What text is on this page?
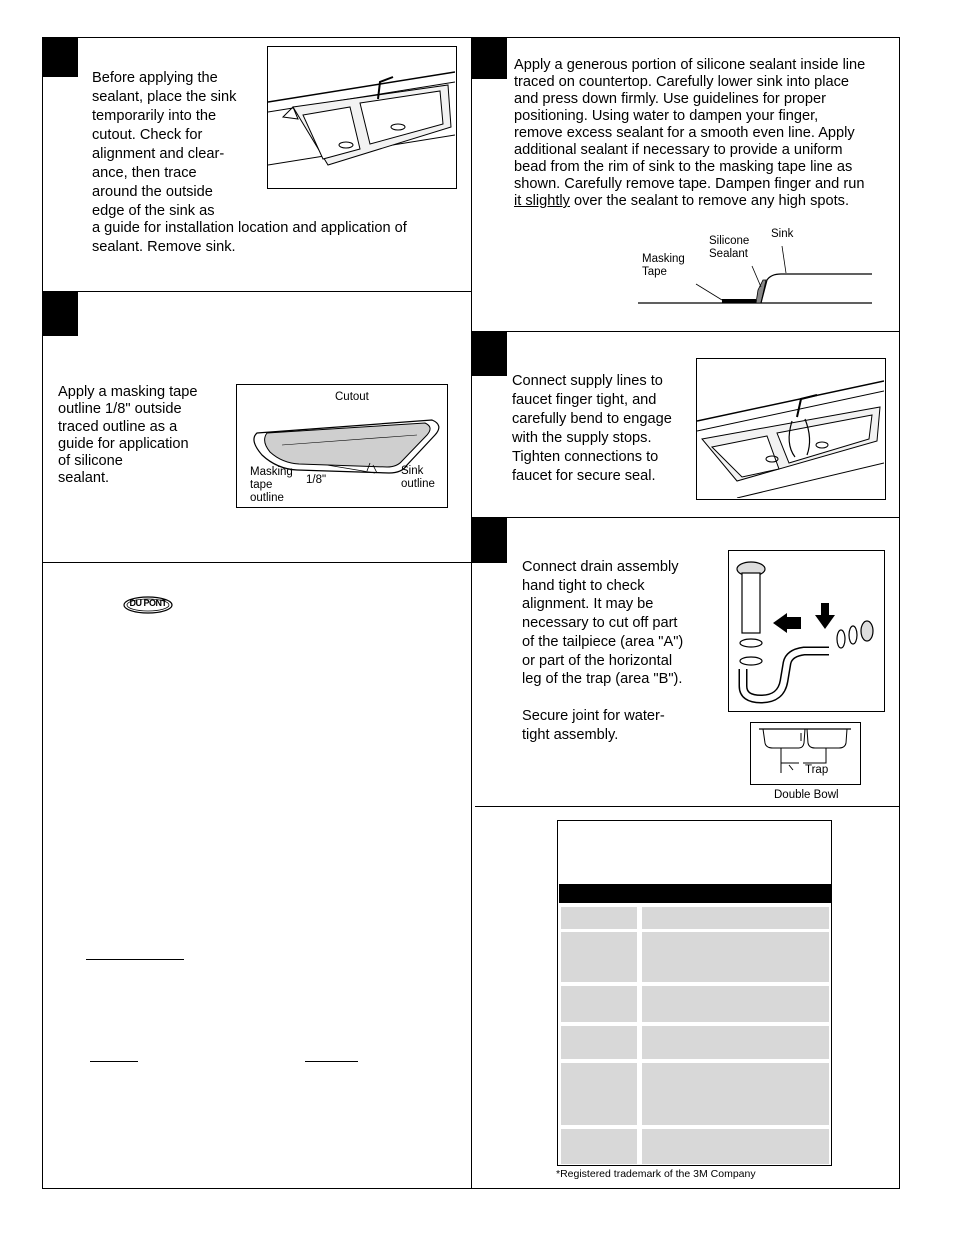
Before applying the
sealant, place the sink
temporarily into the
cutout. Check for
alignment and clear-
ance, then trace
around the outside
edge of the sink as
a guide for installation location and application of
sealant. Remove sink.
Apply a masking tape
outline 1/8" outside
traced outline as a
guide for application
of silicone
sealant.
Cutout
Masking
tape
outline
1/8"
Sink
outline
DU PONT
Apply a generous portion of silicone sealant inside line
traced on countertop. Carefully lower sink into place
and press down firmly. Use guidelines for proper
positioning. Using water to dampen your finger,
remove excess sealant for a smooth even line. Apply
additional sealant if necessary to provide a uniform
bead from the rim of sink to the masking tape line as
shown. Carefully remove tape. Dampen finger and run
it slightly over the sealant to remove any high spots.
Masking
Tape
Silicone
Sealant
Sink
Connect supply lines to
faucet finger tight, and
carefully bend to engage
with the supply stops.
Tighten connections to
faucet for secure seal.
Connect drain assembly
hand tight to check
alignment. It may be
necessary to cut off part
of the tailpiece (area "A")
or part of the horizontal
leg of the trap (area "B").
Secure joint for water-
tight assembly.
Trap
Double Bowl
*Registered trademark of the 3M Company
